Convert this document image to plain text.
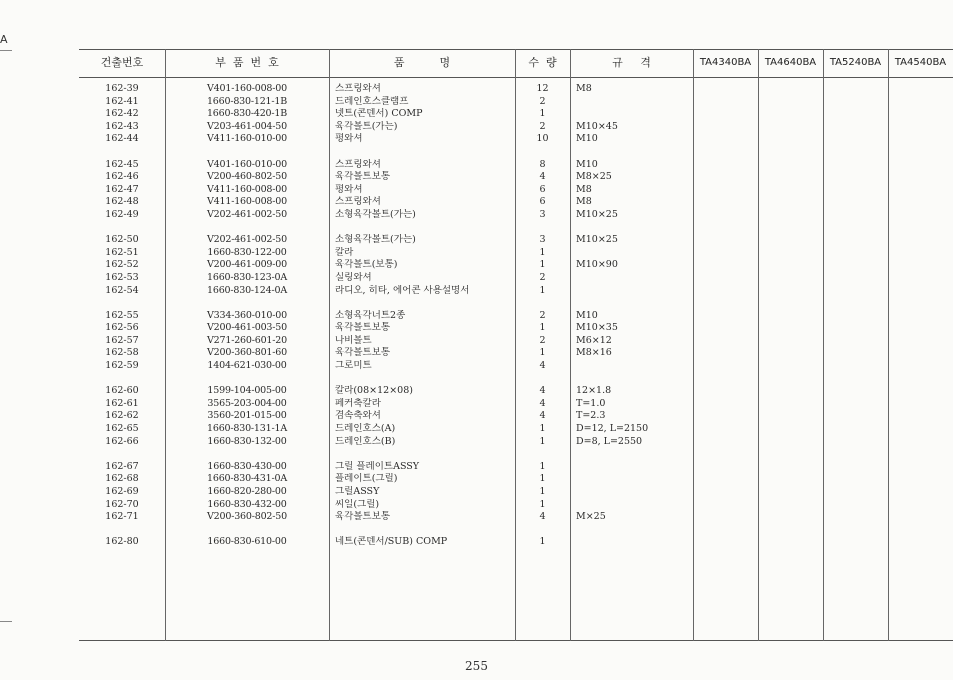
A
건출번호	부  품  번  호	품          명	수  량	규     격	TA4340BA	TA4640BA	TA5240BA	TA4540BA
162-39	V401-160-008-00	스프링와셔	12	M8
162-41	1660-830-121-1B	드레인호스클램프	2
162-42	1660-830-420-1B	넷트(콘덴서) COMP	1
162-43	V203-461-004-50	육각볼트(가는)	2	M10×45
162-44	V411-160-010-00	평와셔	10	M10
162-45	V401-160-010-00	스프링와셔	8	M10
162-46	V200-460-802-50	육각볼트보통	4	M8×25
162-47	V411-160-008-00	평와셔	6	M8
162-48	V411-160-008-00	스프링와셔	6	M8
162-49	V202-461-002-50	소형육각볼트(가는)	3	M10×25
162-50	V202-461-002-50	소형육각볼트(가는)	3	M10×25
162-51	1660-830-122-00	칼라	1
162-52	V200-461-009-00	육각볼트(보통)	1	M10×90
162-53	1660-830-123-0A	실링와셔	2
162-54	1660-830-124-0A	라디오, 히타, 에어콘 사용설명서	1
162-55	V334-360-010-00	소형육각너트2종	2	M10
162-56	V200-461-003-50	육각볼트보통	1	M10×35
162-57	V271-260-601-20	나비볼트	2	M6×12
162-58	V200-360-801-60	육각볼트보통	1	M8×16
162-59	1404-621-030-00	그로미트	4
162-60	1599-104-005-00	칼라(08×12×08)	4	12×1.8
162-61	3565-203-004-00	페커축칼라	4	T=1.0
162-62	3560-201-015-00	겸속축와셔	4	T=2.3
162-65	1660-830-131-1A	드레인호스(A)	1	D=12, L=2150
162-66	1660-830-132-00	드레인호스(B)	1	D=8, L=2550
162-67	1660-830-430-00	그릴 플레이트ASSY	1
162-68	1660-830-431-0A	플레이트(그릴)	1
162-69	1660-820-280-00	그릴ASSY	1
162-70	1660-830-432-00	씨일(그릴)	1
162-71	V200-360-802-50	육각볼트보통	4	M×25
162-80	1660-830-610-00	네트(콘덴서/SUB) COMP	1
255
